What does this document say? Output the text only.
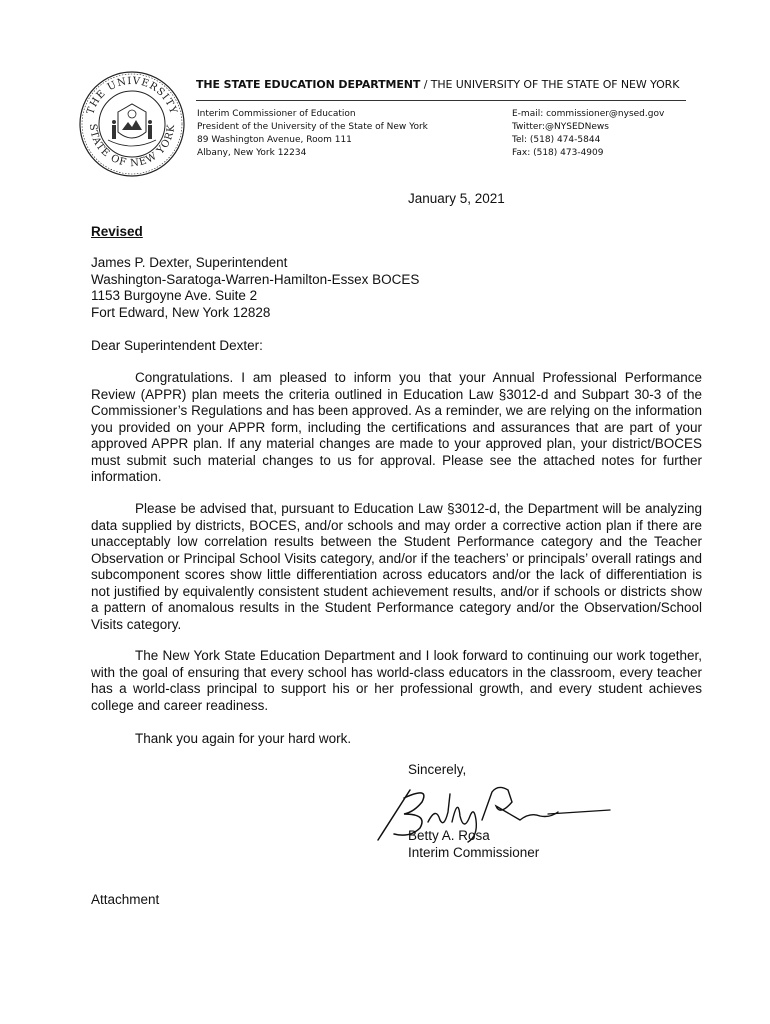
THE UNIVERSITY
STATE OF NEW YORK
THE STATE EDUCATION DEPARTMENT / THE UNIVERSITY OF THE STATE OF NEW YORK
Interim Commissioner of Education
President of the University of the State of New York
89 Washington Avenue, Room 111
Albany, New York 12234
E-mail: commissioner@nysed.gov
Twitter:@NYSEDNews
Tel: (518) 474-5844
Fax: (518) 473-4909
January 5, 2021
Revised
James P. Dexter, Superintendent
Washington-Saratoga-Warren-Hamilton-Essex BOCES
1153 Burgoyne Ave. Suite 2
Fort Edward, New York 12828
Dear Superintendent Dexter:

Congratulations. I am pleased to inform you that your Annual Professional Performance Review (APPR) plan meets the criteria outlined in Education Law §3012-d and Subpart 30-3 of the Commissioner’s Regulations and has been approved. As a reminder, we are relying on the information you provided on your APPR form, including the certifications and assurances that are part of your approved APPR plan. If any material changes are made to your approved plan, your district/BOCES must submit such material changes to us for approval. Please see the attached notes for further information.

Please be advised that, pursuant to Education Law §3012-d, the Department will be analyzing data supplied by districts, BOCES, and/or schools and may order a corrective action plan if there are unacceptably low correlation results between the Student Performance category and the Teacher Observation or Principal School Visits category, and/or if the teachers’ or principals’ overall ratings and subcomponent scores show little differentiation across educators and/or the lack of differentiation is not justified by equivalently consistent student achievement results, and/or if schools or districts show a pattern of anomalous results in the Student Performance category and/or the Observation/School Visits category.

The New York State Education Department and I look forward to continuing our work together, with the goal of ensuring that every school has world-class educators in the classroom, every teacher has a world-class principal to support his or her professional growth, and every student achieves college and career readiness.

Thank you again for your hard work.

Sincerely,
Betty A. Rosa
Interim Commissioner
Attachment
